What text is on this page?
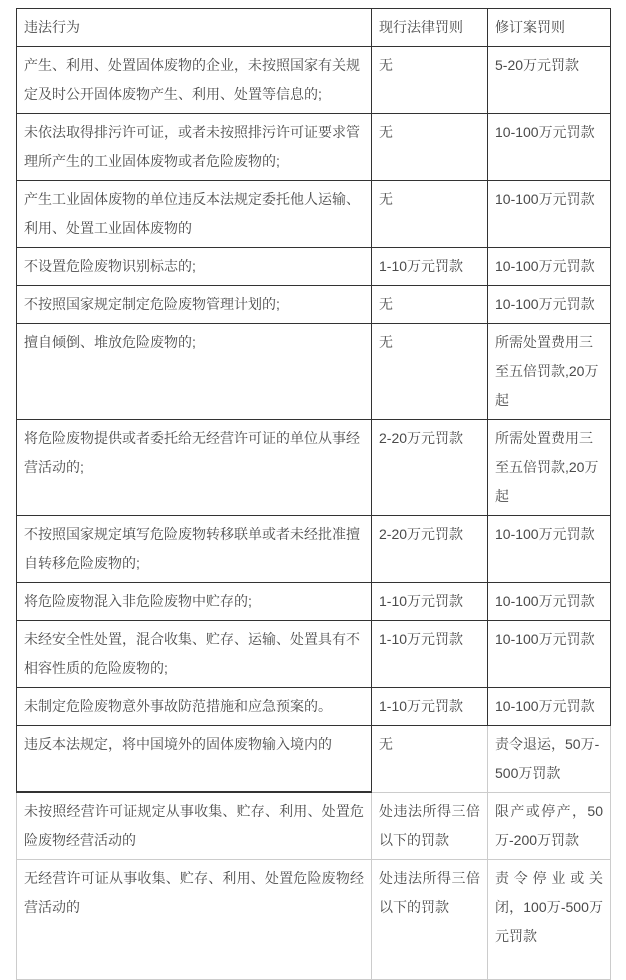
违法行为	现行法律罚则	修订案罚则
产生、利用、处置固体废物的企业，未按照国家有关规定及时公开固体废物产生、利用、处置等信息的;	无	5-20万元罚款
未依法取得排污许可证，或者未按照排污许可证要求管理所产生的工业固体废物或者危险废物的;	无	10-100万元罚款
产生工业固体废物的单位违反本法规定委托他人运输、利用、处置工业固体废物的	无	10-100万元罚款
不设置危险废物识别标志的;	1-10万元罚款	10-100万元罚款
不按照国家规定制定危险废物管理计划的;	无	10-100万元罚款
擅自倾倒、堆放危险废物的;	无	所需处置费用三至五倍罚款,20万起
将危险废物提供或者委托给无经营许可证的单位从事经营活动的;	2-20万元罚款	所需处置费用三至五倍罚款,20万起
不按照国家规定填写危险废物转移联单或者未经批准擅自转移危险废物的;	2-20万元罚款	10-100万元罚款
将危险废物混入非危险废物中贮存的;	1-10万元罚款	10-100万元罚款
未经安全性处置，混合收集、贮存、运输、处置具有不相容性质的危险废物的;	1-10万元罚款	10-100万元罚款
未制定危险废物意外事故防范措施和应急预案的。	1-10万元罚款	10-100万元罚款
违反本法规定，将中国境外的固体废物输入境内的	无	责令退运，50万-500万罚款
未按照经营许可证规定从事收集、贮存、利用、处置危险废物经营活动的	处违法所得三倍以下的罚款	限产或停产，50万-200万罚款
无经营许可证从事收集、贮存、利用、处置危险废物经营活动的	处违法所得三倍以下的罚款	责令停业或关闭，100万-500万元罚款
